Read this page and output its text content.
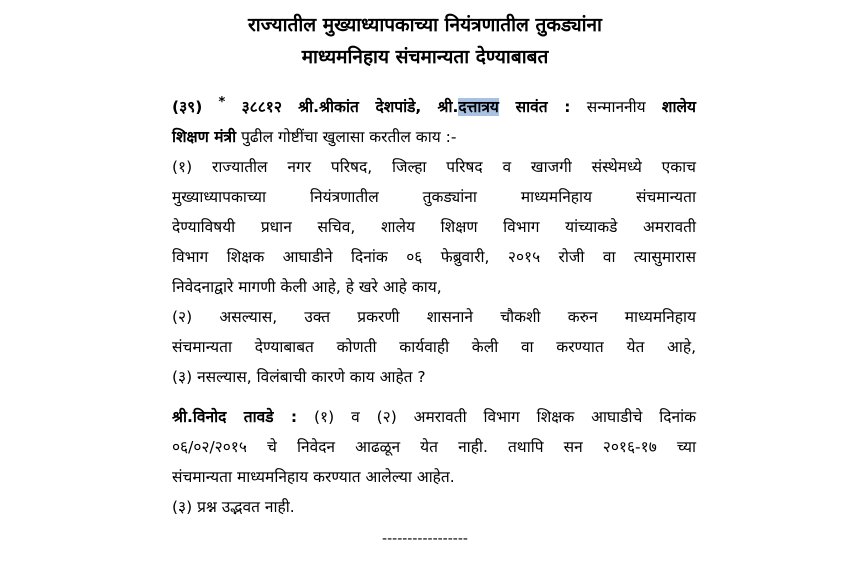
राज्यातील मुख्याध्यापकाच्या नियंत्रणातील तुकड्यांना
माध्यमनिहाय संचमान्यता देण्याबाबत
(३९) * ३८८१२ श्री.श्रीकांत देशपांडे, श्री.दत्तात्रय सावंत : सन्माननीय शालेय
शिक्षण मंत्री पुढील गोष्टींचा खुलासा करतील काय :-
(१) राज्यातील नगर परिषद, जिल्हा परिषद व खाजगी संस्थेमध्ये एकाच
मुख्याध्यापकाच्या नियंत्रणातील तुकड्यांना माध्यमनिहाय संचमान्यता
देण्याविषयी प्रधान सचिव, शालेय शिक्षण विभाग यांच्याकडे अमरावती
विभाग शिक्षक आघाडीने दिनांक ०६ फेब्रुवारी, २०१५ रोजी वा त्यासुमारास
निवेदनाद्वारे मागणी केली आहे, हे खरे आहे काय,
(२) असल्यास, उक्त प्रकरणी शासनाने चौकशी करुन माध्यमनिहाय
संचमान्यता देण्याबाबत कोणती कार्यवाही केली वा करण्यात येत आहे,
(३) नसल्यास, विलंबाची कारणे काय आहेत ?
श्री.विनोद तावडे : (१) व (२) अमरावती विभाग शिक्षक आघाडीचे दिनांक
०६/०२/२०१५ चे निवेदन आढळून येत नाही. तथापि सन २०१६-१७ च्या
संचमान्यता माध्यमनिहाय करण्यात आलेल्या आहेत.
(३) प्रश्न उद्भवत नाही.
-----------------
